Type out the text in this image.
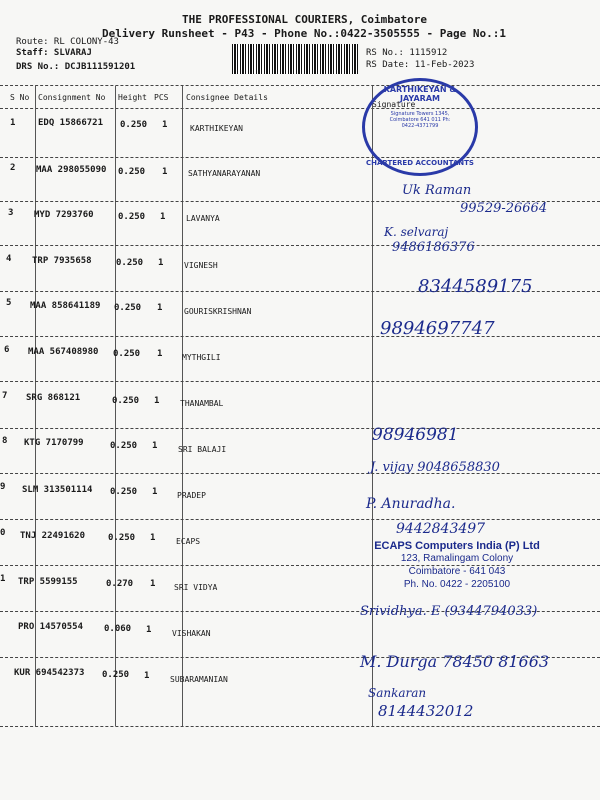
THE PROFESSIONAL COURIERS, Coimbatore
Delivery Runsheet - P43 - Phone No.:0422-3505555 - Page No.:1
Route: RL COLONY-43
Staff: SLVARAJ
DRS No.: DCJB111591201
RS No.: 1115912
RS Date: 11-Feb-2023
S No Consignment No Height PCS Consignee Details
Signature
1	EDQ 15866721 0.250 1	KARTHIKEYAN
2 MAA 298055090 0.250 1	SATHYANARAYANAN
3 MYD 7293760	0.250 1	LAVANYA
4 TRP 7935658	0.250 1	VIGNESH
5 MAA 858641189 0.250 1	GOURISKRISHNAN
6 MAA 567408980 0.250 1 MYTHGILI
7 SRG 868121	0.250 1	THANAMBAL
8 KTG 7170799	0.250 1	SRI BALAJI
9 SLM 313501114 0.250 1 PRADEP
0 TNJ 22491620	0.250 1	ECAPS
1 TRP 5599155	0.270 1 SRI VIDYA
PRO 14570554 0.060 1	VISHAKAN
KUR 694542373 0.250 1	SUBARAMANIAN
KARTHIKEYAN & JAYARAM
Signature Towers 1345, Coimbatore 641 011 Ph: 0422-4371799
CHARTERED ACCOUNTANTS
Uk Raman
99529-26664
K. selvaraj
9486186376
8344589175
9894697747
98946981
J. vijay 9048658830
P. Anuradha.
9442843497
Srividhya. E (9344794033)
M. Durga 78450 81663
Sankaran
8144432012
ECAPS Computers India (P) Ltd
123, Ramalingam Colony
Coimbatore - 641 043
Ph. No. 0422 - 2205100
